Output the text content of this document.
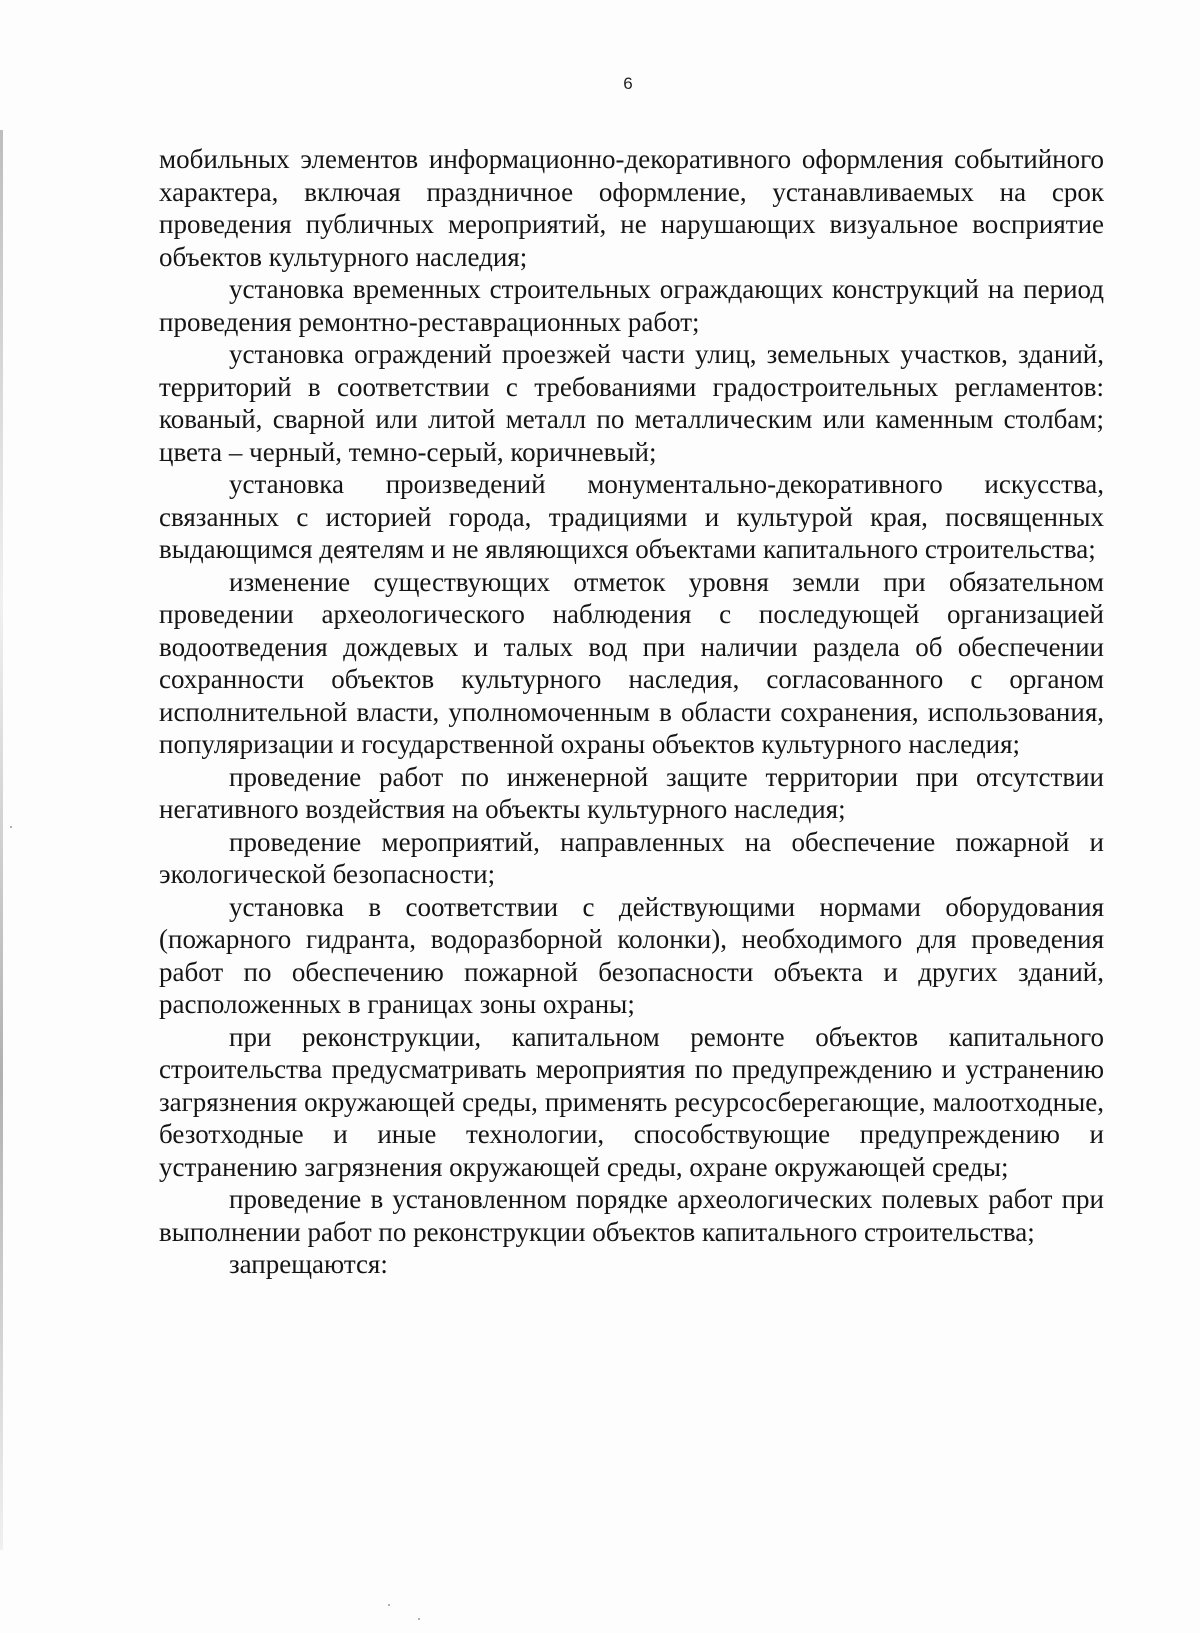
6

мобильных элементов информационно-декоративного оформления событийного характера, включая праздничное оформление, устанавливаемых на срок проведения публичных мероприятий, не нарушающих визуальное восприятие объектов культурного наследия;

установка временных строительных ограждающих конструкций на период проведения ремонтно-реставрационных работ;

установка ограждений проезжей части улиц, земельных участков, зданий, территорий в соответствии с требованиями градостроительных регламентов: кованый, сварной или литой металл по металлическим или каменным столбам; цвета – черный, темно-серый, коричневый;

установка произведений монументально-декоративного искусства, связанных с историей города, традициями и культурой края, посвященных выдающимся деятелям и не являющихся объектами капитального строительства;

изменение существующих отметок уровня земли при обязательном проведении археологического наблюдения с последующей организацией водоотведения дождевых и талых вод при наличии раздела об обеспечении сохранности объектов культурного наследия, согласованного с органом исполнительной власти, уполномоченным в области сохранения, использования, популяризации и государственной охраны объектов культурного наследия;

проведение работ по инженерной защите территории при отсутствии негативного воздействия на объекты культурного наследия;

проведение мероприятий, направленных на обеспечение пожарной и экологической безопасности;

установка в соответствии с действующими нормами оборудования (пожарного гидранта, водоразборной колонки), необходимого для проведения работ по обеспечению пожарной безопасности объекта и других зданий, расположенных в границах зоны охраны;

при реконструкции, капитальном ремонте объектов капитального строительства предусматривать мероприятия по предупреждению и устранению загрязнения окружающей среды, применять ресурсосберегающие, малоотходные, безотходные и иные технологии, способствующие предупреждению и устранению загрязнения окружающей среды, охране окружающей среды;

проведение в установленном порядке археологических полевых работ при выполнении работ по реконструкции объектов капитального строительства;

запрещаются:
